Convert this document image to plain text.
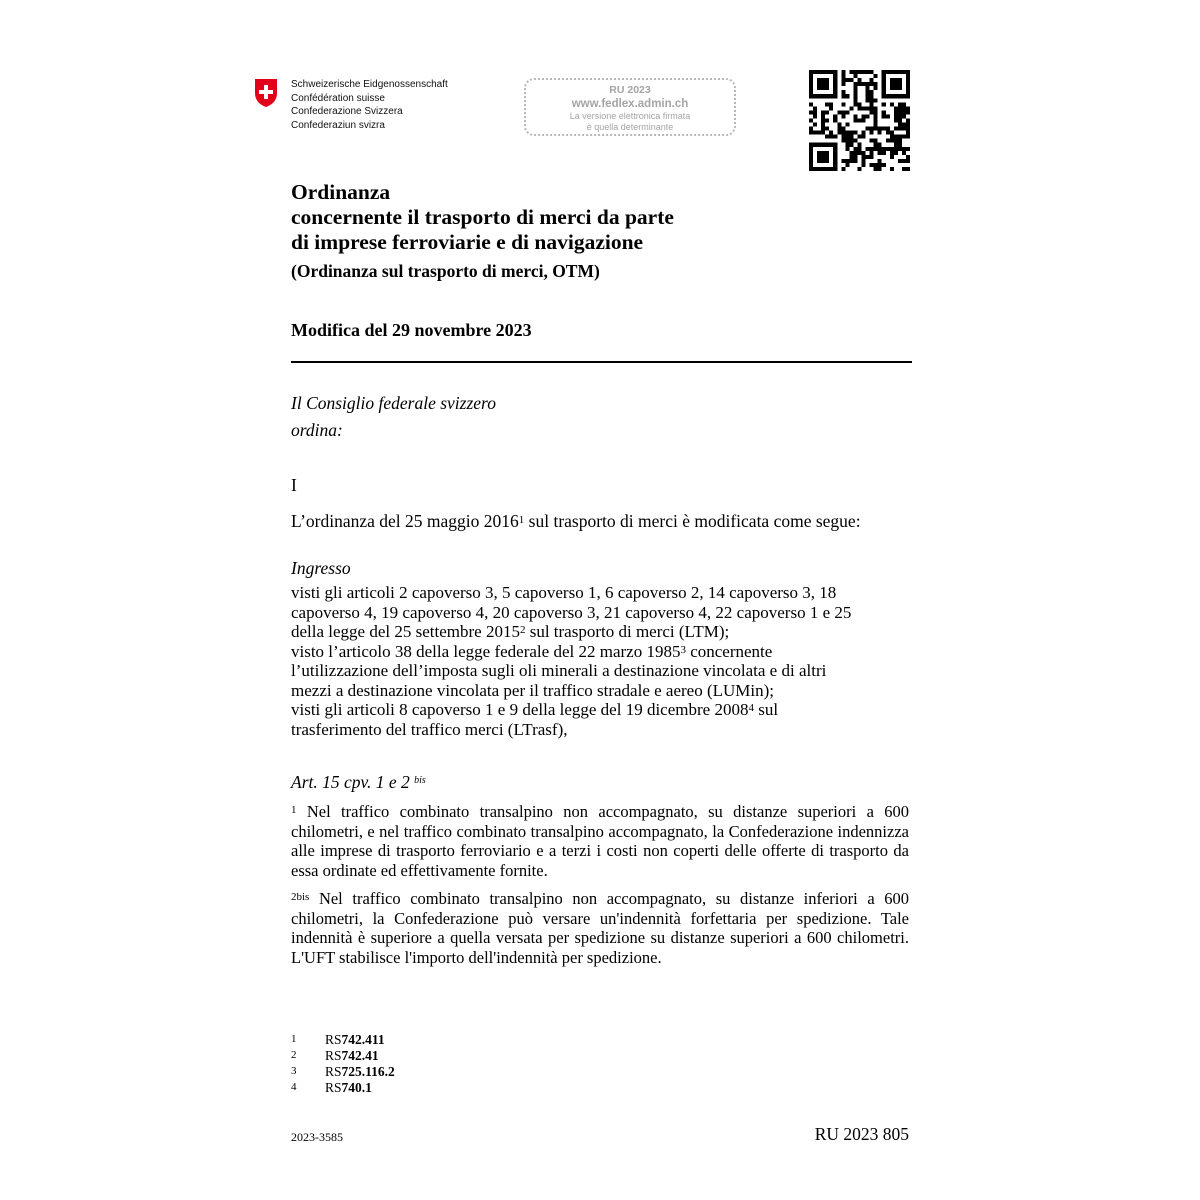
Schweizerische Eidgenossenschaft
Confédération suisse
Confederazione Svizzera
Confederaziun svizra
RU 2023
www.fedlex.admin.ch
La versione elettronica firmata
è quella determinante
Ordinanza
concernente il trasporto di merci da parte
di imprese ferroviarie e di navigazione
(Ordinanza sul trasporto di merci, OTM)
Modifica del 29 novembre 2023
Il Consiglio federale svizzero
ordina:
I
L’ordinanza del 25 maggio 2016$^1$ sul trasporto di merci è modificata come segue:
Ingresso
visti gli articoli 2 capoverso 3, 5 capoverso 1, 6 capoverso 2, 14 capoverso 3, 18
capoverso 4, 19 capoverso 4, 20 capoverso 3, 21 capoverso 4, 22 capoverso 1 e 25
della legge del 25 settembre 2015$^2$ sul trasporto di merci (LTM);
visto l’articolo 38 della legge federale del 22 marzo 1985$^3$ concernente
l’utilizzazione dell’imposta sugli oli minerali a destinazione vincolata e di altri
mezzi a destinazione vincolata per il traffico stradale e aereo (LUMin);
visti gli articoli 8 capoverso 1 e 9 della legge del 19 dicembre 2008$^4$ sul
trasferimento del traffico merci (LTrasf),
Art. 15 cpv. 1 e 2 $^{bis}$
$^1$ Nel traffico combinato transalpino non accompagnato, su distanze superiori a 600 chilometri, e nel traffico combinato transalpino accompagnato, la Confederazione indennizza alle imprese di trasporto ferroviario e a terzi i costi non coperti delle offerte di trasporto da essa ordinate ed effettivamente fornite.
$^{2bis}$ Nel traffico combinato transalpino non accompagnato, su distanze inferiori a 600 chilometri, la Confederazione può versare un'indennità forfettaria per spedizione. Tale indennità è superiore a quella versata per spedizione su distanze superiori a 600 chilometri. L'UFT stabilisce l'importo dell'indennità per spedizione.
1	RS 742.411
2	RS 742.41
3	RS 725.116.2
4	RS 740.1
2023-3585	RU 2023 805
